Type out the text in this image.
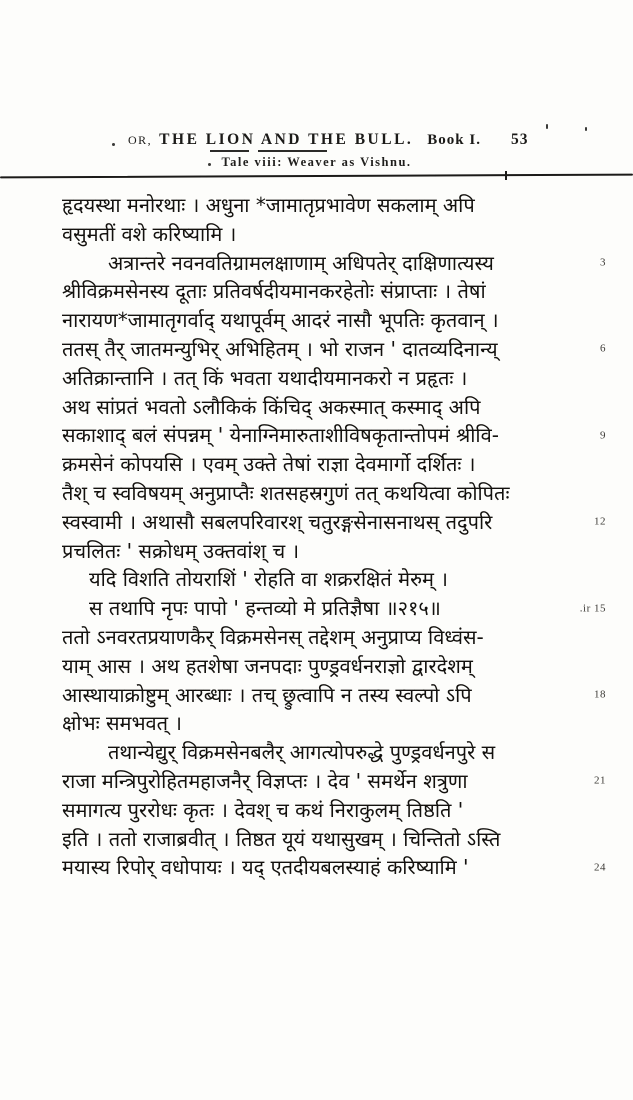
OR, THE LION AND THE BULL. Book I. 53
Tale viii: Weaver as Vishnu.
हृदयस्था मनोरथाः । अधुना *जामातृप्रभावेण सकलाम् अपि
वसुमतीं वशे करिष्यामि ।
अत्रान्तरे नवनवतिग्रामलक्षाणाम् अधिपतेर् दाक्षिणात्यस्य	3
श्रीविक्रमसेनस्य दूताः प्रतिवर्षदीयमानकरहेतोः संप्राप्ताः । तेषां
नारायण*जामातृगर्वाद् यथापूर्वम् आदरं नासौ भूपतिः कृतवान् ।
ततस् तैर् जातमन्युभिर् अभिहितम् । भो राजन ' दातव्यदिनान्य्	6
अतिक्रान्तानि । तत् किं भवता यथादीयमानकरो न प्रहृतः ।
अथ सांप्रतं भवतो ऽलौकिकं किंचिद् अकस्मात् कस्माद् अपि
सकाशाद् बलं संपन्नम् ' येनाग्निमारुताशीविषकृतान्तोपमं श्रीवि-	9
क्रमसेनं कोपयसि । एवम् उक्ते तेषां राज्ञा देवमार्गो दर्शितः ।
तैश् च स्वविषयम् अनुप्राप्तैः शतसहस्रगुणं तत् कथयित्वा कोपितः
स्वस्वामी । अथासौ सबलपरिवारश् चतुरङ्गसेनासनाथस् तदुपरि	12
प्रचलितः ' सक्रोधम् उक्तवांश् च ।
यदि विशति तोयराशिं ' रोहति वा शक्ररक्षितं मेरुम् ।
स तथापि नृपः पापो ' हन्तव्यो मे प्रतिज्ञैषा ॥२१५॥	.ir 15
ततो ऽनवरतप्रयाणकैर् विक्रमसेनस् तद्देशम् अनुप्राप्य विध्वंस-
याम् आस । अथ हतशेषा जनपदाः पुण्ड्रवर्धनराज्ञो द्वारदेशम्
आस्थायाक्रोष्टुम् आरब्धाः । तच् छ्रुत्वापि न तस्य स्वल्पो ऽपि	18
क्षोभः समभवत् ।
तथान्येद्युर् विक्रमसेनबलैर् आगत्योपरुद्धे पुण्ड्रवर्धनपुरे स
राजा मन्त्रिपुरोहितमहाजनैर् विज्ञप्तः । देव ' समर्थेन शत्रुणा	21
समागत्य पुररोधः कृतः । देवश् च कथं निराकुलम् तिष्ठति '
इति । ततो राजाब्रवीत् । तिष्ठत यूयं यथासुखम् । चिन्तितो ऽस्ति
मयास्य रिपोर् वधोपायः । यद् एतदीयबलस्याहं करिष्यामि '	24
